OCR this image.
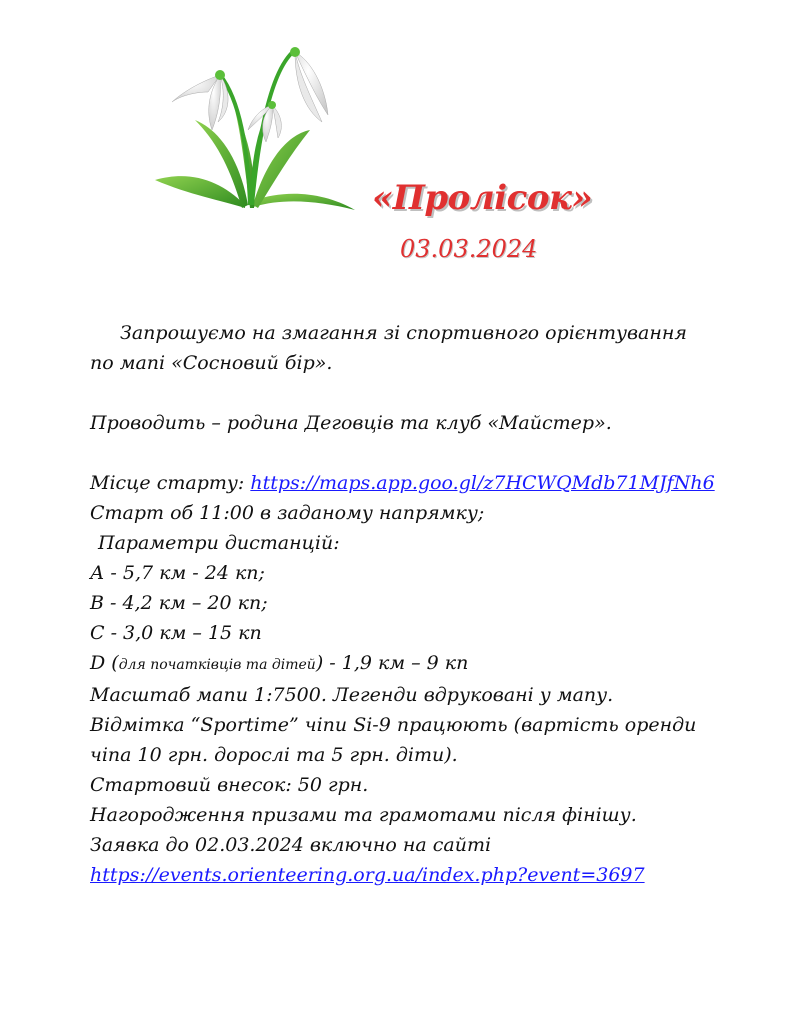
«Пролісок»
03.03.2024
Запрошуємо на змагання зі спортивного орієнтування
по мапі «Сосновий бір».
Проводить – родина Деговців та клуб «Майстер».
Місце старту: https://maps.app.goo.gl/z7HCWQMdb71MJfNh6
Старт об 11:00 в заданому напрямку;
Параметри дистанцій:
А - 5,7 км - 24 кп;
В - 4,2 км – 20 кп;
С - 3,0 км – 15 кп
D (для початківців та дітей) - 1,9 км – 9 кп
Масштаб мапи 1:7500. Легенди вдруковані у мапу.
Відмітка “Sportime” чіпи Si-9 працюють (вартість оренди
чіпа 10 грн. дорослі та 5 грн. діти).
Стартовий внесок: 50 грн.
Нагородження призами та грамотами після фінішу.
Заявка до 02.03.2024 включно на сайті
https://events.orienteering.org.ua/index.php?event=3697
